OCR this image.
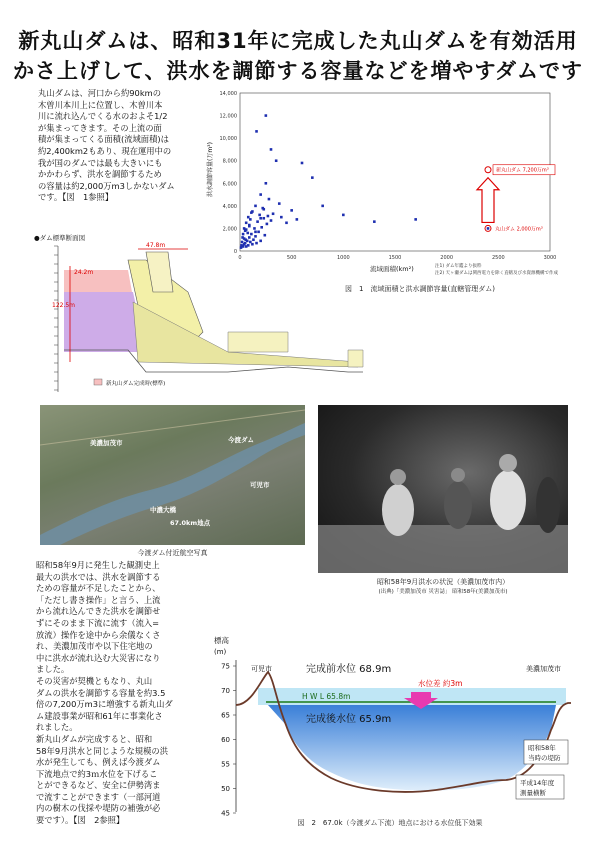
新丸山ダムは、昭和31年に完成した丸山ダムを有効活用
かさ上げして、洪水を調節する容量などを増やすダムです
丸山ダムは、河口から約90kmの
木曽川本川上に位置し、木曽川本
川に流れ込んでくる水のおよそ1/2
が集まってきます。その上流の面
積が集まってくる面積(流域面積)は
約2,400km2もあり、現在運用中の
我が国のダムでは最も大きいにも
かかわらず、洪水を調節するため
の容量は約2,000万m3しかないダム
です。【図　1参照】
0
2,000
4,000
6,000
8,000
10,000
12,000
14,000
0	500	1000	1500	2000	2500	3000
流域面積(km²)
洪水調節容量(万m³)
注1) ダム年鑑より抜粋
注2) 天ヶ瀬ダムは関西電力を除く直轄及び水資源機構で作成
新丸山ダム 7,200万m³
丸山ダム 2,000万m³
図　1　流域面積と洪水調節容量(直轄管理ダム)
●ダム標準断面図
122.5m
24.2m
47.8m
新丸山ダム完成時(標準)
美濃加茂市	今渡ダム
可児市
中濃大橋
67.0km地点
今渡ダム付近航空写真
昭和58年9月洪水の状況（美濃加茂市内）
(出典)「美濃加茂市 災害誌」 昭和58年(美濃加茂市)
昭和58年9月に発生した観測史上
最大の洪水では、洪水を調節する
ための容量が不足したことから、
「ただし書き操作」と言う、上流
から流れ込んできた洪水を調節せ
ずにそのまま下流に流す（流入=
放流）操作を途中から余儀なくさ
れ、美濃加茂市や以下住宅地の
中に洪水が流れ込む大災害になり
ました。
その災害が契機ともなり、丸山
ダムの洪水を調節する容量を約3.5
倍の7,200万m3に増強する新丸山ダ
ム建設事業が昭和61年に事業化さ
れました。
新丸山ダムが完成すると、昭和
58年9月洪水と同じような規模の洪
水が発生しても、例えば今渡ダム
下流地点で約3ｍ水位を下げるこ
とができるなど、安全に伊勢湾ま
で流すことができます（一部河道
内の樹木の伐採や堤防の補強が必
要です）。【図　2参照】
標高
(m)
75
70
65
60
55
50
45
可児市	美濃加茂市
完成前水位 68.9m
水位差 約3m
H W L 65.8m
完成後水位 65.9m
昭和58年
当時の堤防
平成14年度
測量横断
図　2　67.0k（今渡ダム下流）地点における水位低下効果
